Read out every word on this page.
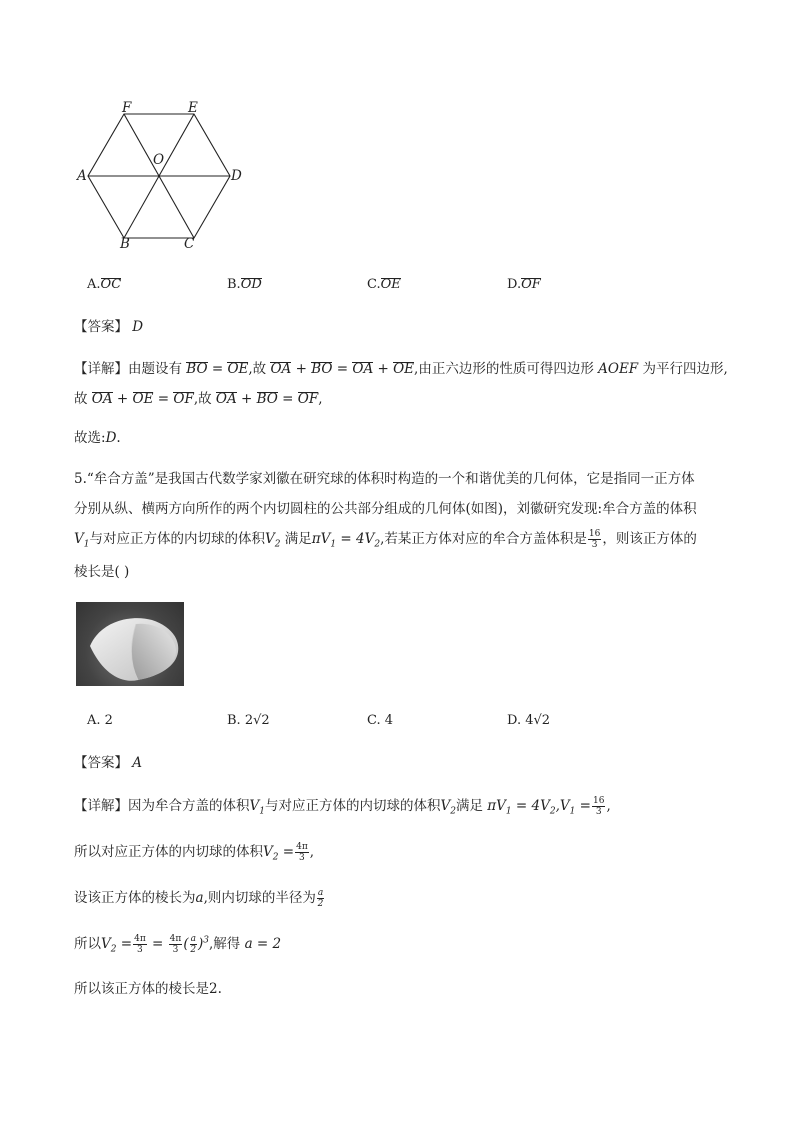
F	E
O
A	D
B	C
A.OC	B.OD	C.OE	D.OF
【答案】 D
【详解】由题设有 BO = OE,故 OA + BO = OA + OE,由正六边形的性质可得四边形 AOEF 为平行四边形,
故 OA + OE = OF,故 OA + BO = OF,
故选:D.
5.“牟合方盖”是我国古代数学家刘徽在研究球的体积时构造的一个和谐优美的几何体，它是指同一正方体
分别从纵、横两方向所作的两个内切圆柱的公共部分组成的几何体(如图)，刘徽研究发现:牟合方盖的体积
$V_1$与对应正方体的内切球的体积$V_2$ 满足$\pi V_1 = 4V_2$,若某正方体对应的牟合方盖体积是 $\frac{16}{3}$ ，则该正方体的
棱长是( )
A. 2	B. 2√2	C. 4	D. 4√2
【答案】 A
【详解】因为牟合方盖的体积$V_1$与对应正方体的内切球的体积$V_2$满足 $\pi V_1 = 4V_2,V_1 = \frac{16}{3}$ ,
所以对应正方体的内切球的体积$V_2 = \frac{4\pi}{3}$ ,
设该正方体的棱长为a,则内切球的半径为 $\frac{a}{2}$
所以$V_2 = \frac{4\pi}{3} = \frac{4\pi}{3}$ ( $\frac{a}{2} )^3$,解得 a = 2
所以该正方体的棱长是2.
